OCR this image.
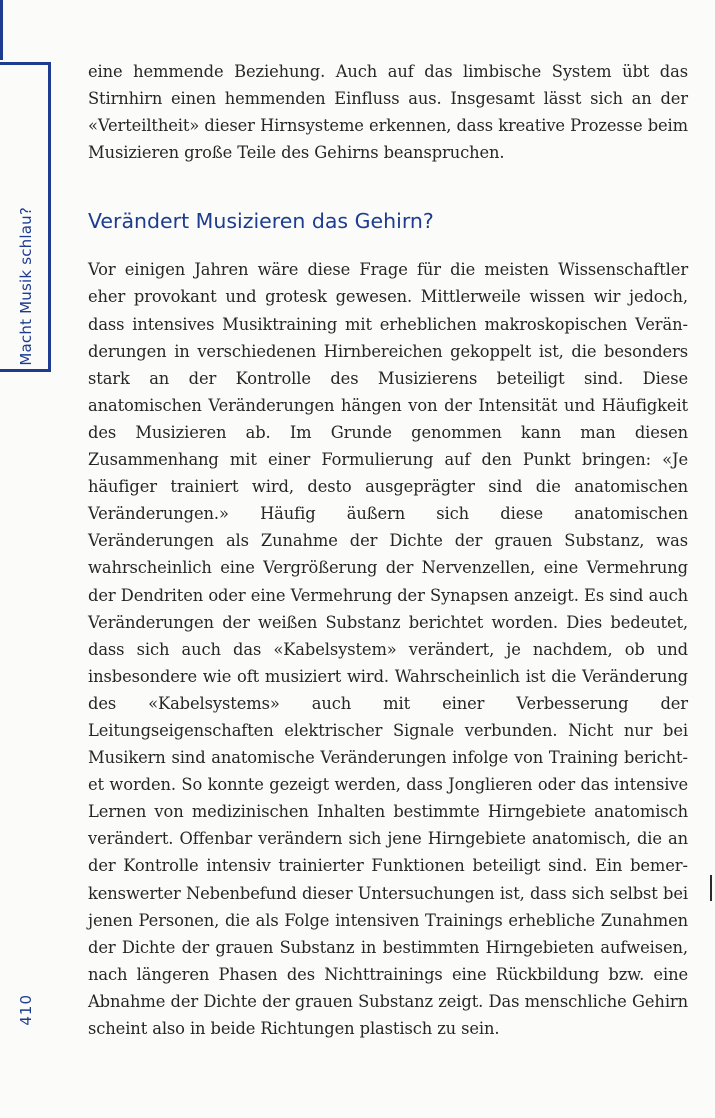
Macht Musik schlau?

eine hemmende Beziehung. Auch auf das limbische System übt das Stirnhirn einen hemmenden Einfluss aus. Insgesamt lässt sich an der «Verteiltheit» dieser Hirnsysteme erkennen, dass kreative Prozesse beim Musizieren große Teile des Gehirns beanspruchen.

Verändert Musizieren das Gehirn?

Vor einigen Jahren wäre diese Frage für die meisten Wissenschaftler eher provokant und grotesk gewesen. Mittlerweile wissen wir jedoch, dass intensives Musiktraining mit erheblichen makroskopischen Veränderungen in verschiedenen Hirnbereichen gekoppelt ist, die besonders stark an der Kontrolle des Musizierens beteiligt sind. Diese anatomischen Veränderungen hängen von der Intensität und Häufigkeit des Musizieren ab. Im Grunde genommen kann man diesen Zusammenhang mit einer Formulierung auf den Punkt bringen: «Je häufiger trainiert wird, desto ausgeprägter sind die anatomischen Veränderungen.» Häufig äußern sich diese anatomischen Veränderungen als Zunahme der Dichte der grauen Substanz, was wahrscheinlich eine Vergrößerung der Nervenzellen, eine Vermehrung der Dendriten oder eine Vermehrung der Synapsen anzeigt. Es sind auch Veränderungen der weißen Substanz berichtet worden. Dies bedeutet, dass sich auch das «Kabelsystem» verändert, je nachdem, ob und insbesondere wie oft musiziert wird. Wahrscheinlich ist die Veränderung des «Kabelsystems» auch mit einer Verbesserung der Leitungseigenschaften elektrischer Signale verbunden. Nicht nur bei Musikern sind anatomische Veränderungen infolge von Training berichtet worden. So konnte gezeigt werden, dass Jonglieren oder das intensive Lernen von medizinischen Inhalten bestimmte Hirngebiete anatomisch verändert. Offenbar verändern sich jene Hirngebiete anatomisch, die an der Kontrolle intensiv trainierter Funktionen beteiligt sind. Ein bemerkenswerter Nebenbefund dieser Untersuchungen ist, dass sich selbst bei jenen Personen, die als Folge intensiven Trainings erhebliche Zunahmen der Dichte der grauen Substanz in bestimmten Hirngebieten aufweisen, nach längeren Phasen des Nichttrainings eine Rückbildung bzw. eine Abnahme der Dichte der grauen Substanz zeigt. Das menschliche Gehirn scheint also in beide Richtungen plastisch zu sein.

410
